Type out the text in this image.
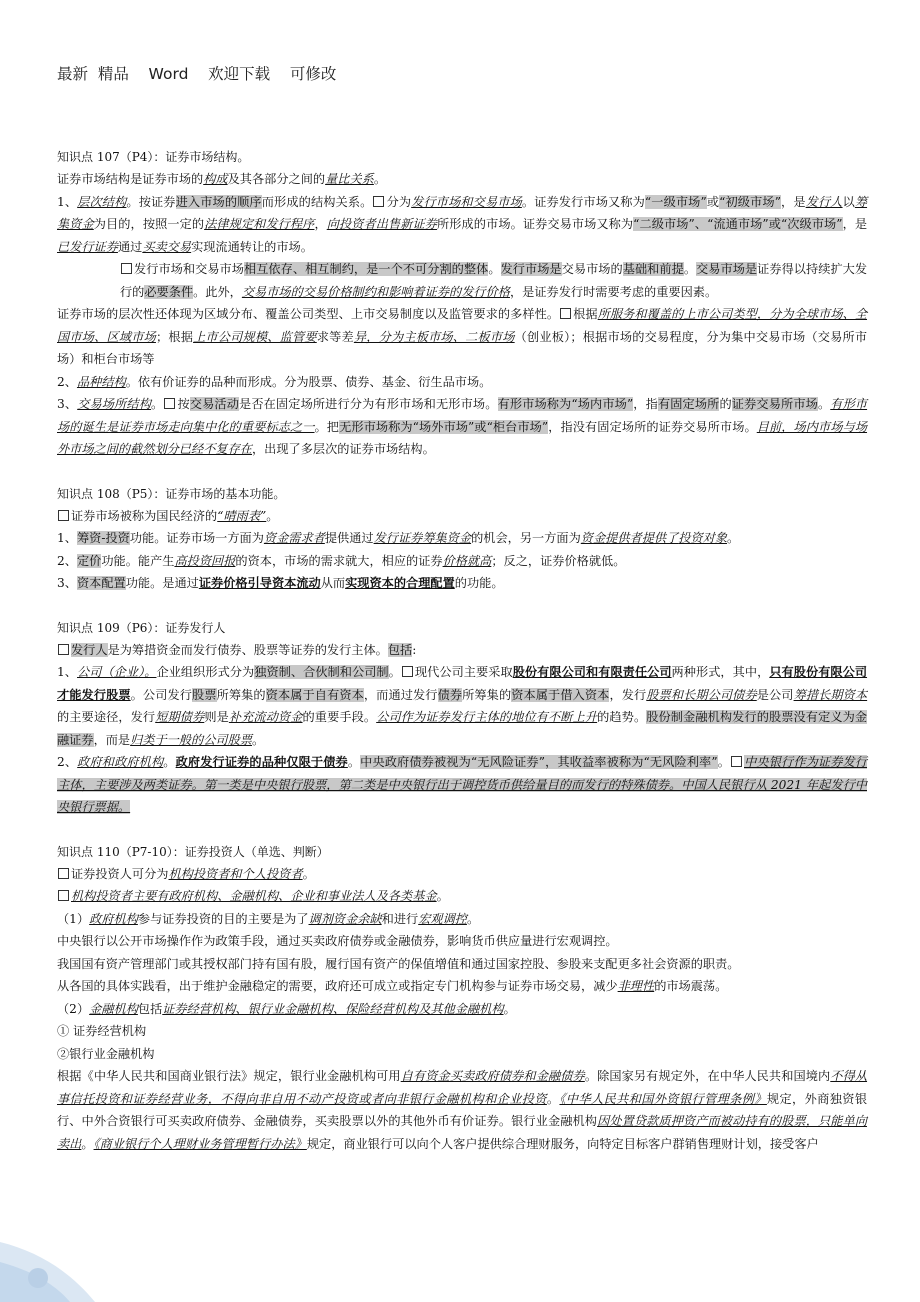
最新  精品    Word    欢迎下载    可修改
知识点 107（P4）：证券市场结构。

证券市场结构是证券市场的构成及其各部分之间的量比关系。

1、层次结构。按证券进入市场的顺序而形成的结构关系。 分为发行市场和交易市场。证券发行市场又称为“一级市场”或“初级市场”，是发行人以筹集资金为目的，按照一定的法律规定和发行程序，向投资者出售新证券所形成的市场。证券交易市场又称为“二级市场”、“流通市场”或“次级市场”，是已发行证券通过买卖交易实现流通转让的市场。

发行市场和交易市场相互依存、相互制约，是一个不可分割的整体。发行市场是交易市场的基础和前提。交易市场是证券得以持续扩大发行的必要条件。此外，交易市场的交易价格制约和影响着证券的发行价格，是证券发行时需要考虑的重要因素。

证券市场的层次性还体现为区域分布、覆盖公司类型、上市交易制度以及监管要求的多样性。 根据所服务和覆盖的上市公司类型，分为全球市场、全国市场、区域市场；根据上市公司规模、监管要求等差异，分为主板市场、二板市场（创业板）；根据市场的交易程度，分为集中交易市场（交易所市场）和柜台市场等

2、品种结构。依有价证券的品种而形成。分为股票、债券、基金、衍生品市场。

3、交易场所结构。 按交易活动是否在固定场所进行分为有形市场和无形市场。有形市场称为“场内市场”，指有固定场所的证券交易所市场。有形市场的诞生是证券市场走向集中化的重要标志之一。把无形市场称为“场外市场”或“柜台市场”，指没有固定场所的证券交易所市场。目前，场内市场与场外市场之间的截然划分已经不复存在，出现了多层次的证券市场结构。

知识点 108（P5）：证券市场的基本功能。

证券市场被称为国民经济的“晴雨表”。

1、筹资-投资功能。证券市场一方面为资金需求者提供通过发行证券筹集资金的机会，另一方面为资金提供者提供了投资对象。

2、定价功能。能产生高投资回报的资本，市场的需求就大，相应的证券价格就高；反之，证券价格就低。

3、资本配置功能。是通过证券价格引导资本流动从而实现资本的合理配置的功能。

知识点 109（P6）：证券发行人

发行人是为筹措资金而发行债券、股票等证券的发行主体。包括:

1、公司（企业）。企业组织形式分为独资制、合伙制和公司制。 现代公司主要采取股份有限公司和有限责任公司两种形式，其中，只有股份有限公司才能发行股票。公司发行股票所筹集的资本属于自有资本，而通过发行债券所筹集的资本属于借入资本，发行股票和长期公司债券是公司筹措长期资本的主要途径，发行短期债券则是补充流动资金的重要手段。公司作为证券发行主体的地位有不断上升的趋势。股份制金融机构发行的股票没有定义为金融证券，而是归类于一般的公司股票。

2、政府和政府机构。政府发行证券的品种仅限于债券。中央政府债券被视为“无风险证券”，其收益率被称为“无风险利率”。 中央银行作为证券发行主体，主要涉及两类证券。第一类是中央银行股票，第二类是中央银行出于调控货币供给量目的而发行的特殊债券。中国人民银行从 2021 年起发行中央银行票据。

知识点 110（P7-10）：证券投资人（单选、判断）

证券投资人可分为机构投资者和个人投资者。

机构投资者主要有政府机构、金融机构、企业和事业法人及各类基金。

（1）政府机构参与证券投资的目的主要是为了调剂资金余缺和进行宏观调控。

中央银行以公开市场操作作为政策手段，通过买卖政府债券或金融债券，影响货币供应量进行宏观调控。

我国国有资产管理部门或其授权部门持有国有股，履行国有资产的保值增值和通过国家控股、参股来支配更多社会资源的职责。

从各国的具体实践看，出于维护金融稳定的需要，政府还可成立或指定专门机构参与证券市场交易，减少非理性的市场震荡。

（2）金融机构包括证券经营机构、银行业金融机构、保险经营机构及其他金融机构。

① 证券经营机构

②银行业金融机构

根据《中华人民共和国商业银行法》规定，银行业金融机构可用自有资金买卖政府债券和金融债券。除国家另有规定外，在中华人民共和国境内不得从事信托投资和证券经营业务，不得向非自用不动产投资或者向非银行金融机构和企业投资。《中华人民共和国外资银行管理条例》规定，外商独资银行、中外合资银行可买卖政府债券、金融债券，买卖股票以外的其他外币有价证券。银行业金融机构因处置贷款质押资产而被动持有的股票，只能单向卖出。《商业银行个人理财业务管理暂行办法》规定，商业银行可以向个人客户提供综合理财服务，向特定目标客户群销售理财计划，接受客户
